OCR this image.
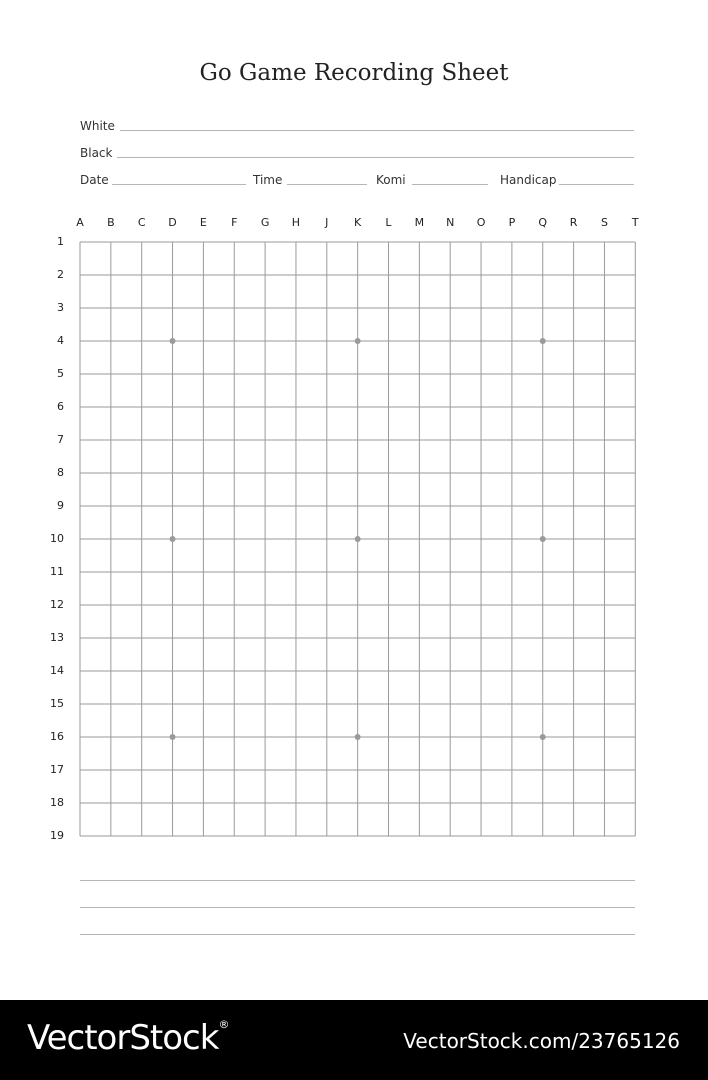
Go Game Recording Sheet
White
Black
Date	Time	Komi	Handicap
A	B	C	D	E	F	G	H	J	K	L	M	N	O	P	Q	R	S	T
1
2
3
4
5
6
7
8
9
10
11
12
13
14
15
16
17
18
19
VectorStock®
VectorStock.com/23765126
